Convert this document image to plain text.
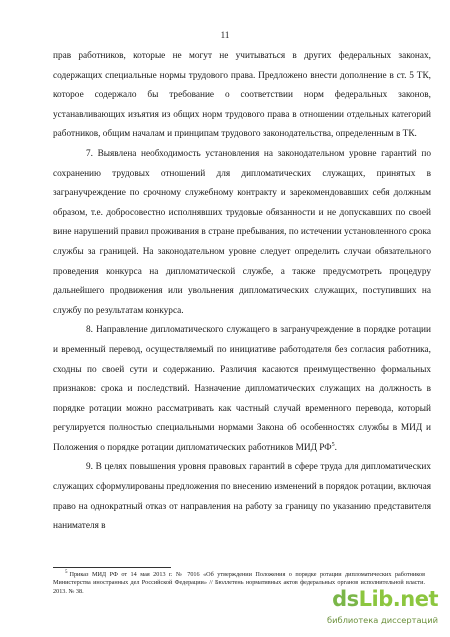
11

прав работников, которые не могут не учитываться в других федеральных законах, содержащих специальные нормы трудового права. Предложено внести дополнение в ст. 5 ТК, которое содержало бы требование о соответствии норм федеральных законов, устанавливающих изъятия из общих норм трудового права в отношении отдельных категорий работников, общим началам и принципам трудового законодательства, определенным в ТК.

7. Выявлена необходимость установления на законодательном уровне гарантий по сохранению трудовых отношений для дипломатических служащих, принятых в загранучреждение по срочному служебному контракту и зарекомендовавших себя должным образом, т.е. добросовестно исполнявших трудовые обязанности и не допускавших по своей вине нарушений правил проживания в стране пребывания, по истечении установленного срока службы за границей. На законодательном уровне следует определить случаи обязательного проведения конкурса на дипломатической службе, а также предусмотреть процедуру дальнейшего продвижения или увольнения дипломатических служащих, поступивших на службу по результатам конкурса.

8. Направление дипломатического служащего в загранучреждение в порядке ротации и временный перевод, осуществляемый по инициативе работодателя без согласия работника, сходны по своей сути и содержанию. Различия касаются преимущественно формальных признаков: срока и последствий. Назначение дипломатических служащих на должность в порядке ротации можно рассматривать как частный случай временного перевода, который регулируется полностью специальными нормами Закона об особенностях службы в МИД и Положения о порядке ротации дипломатических работников МИД $РФ^5$.

9. В целях повышения уровня правовых гарантий в сфере труда для дипломатических служащих сформулированы предложения по внесению изменений в порядок ротации, включая право на однократный отказ от направления на работу за границу по указанию представителя нанимателя в

$^5$ Приказ МИД РФ от 14 мая 2013 г. № 7016 «Об утверждении Положения о порядке ротации дипломатических работников Министерства иностранных дел Российской Федерации» // Бюллетень нормативных актов федеральных органов исполнительной власти. 2013. № 38.	dsLib.net
библиотека диссертаций
